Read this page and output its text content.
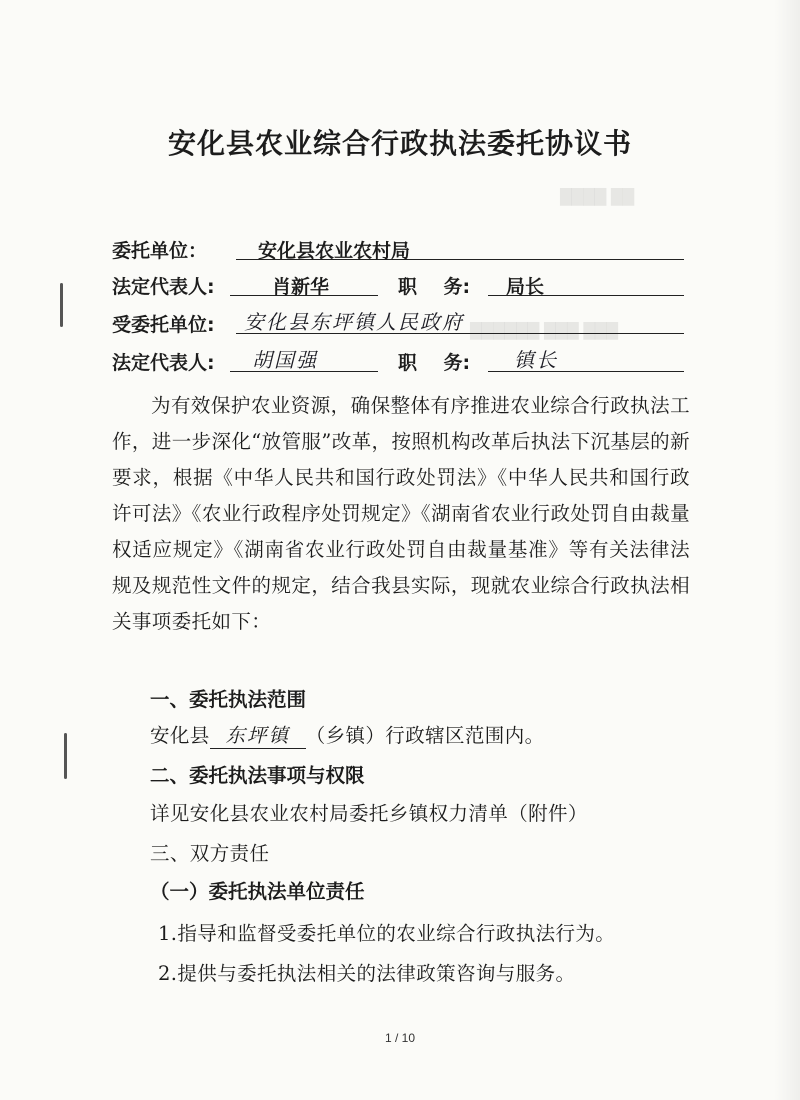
████ ██
██████ ███ ███
安化县农业综合行政执法委托协议书
委托单位：	安化县农业农村局
法定代表人:	肖新华	职    务: 局长
受委托单位: 安化县东坪镇人民政府
法定代表人: 胡国强	职    务: 镇长
为有效保护农业资源，确保整体有序推进农业综合行政执法工作，进一步深化“放管服”改革，按照机构改革后执法下沉基层的新要求，根据《中华人民共和国行政处罚法》《中华人民共和国行政许可法》《农业行政程序处罚规定》《湖南省农业行政处罚自由裁量权适应规定》《湖南省农业行政处罚自由裁量基准》等有关法律法规及规范性文件的规定，结合我县实际，现就农业综合行政执法相关事项委托如下：
一、委托执法范围
安化县 东坪镇 （乡镇）行政辖区范围内。
二、委托执法事项与权限
详见安化县农业农村局委托乡镇权力清单（附件）
三、双方责任
（一）委托执法单位责任
1.指导和监督受委托单位的农业综合行政执法行为。
2.提供与委托执法相关的法律政策咨询与服务。
1 / 10
